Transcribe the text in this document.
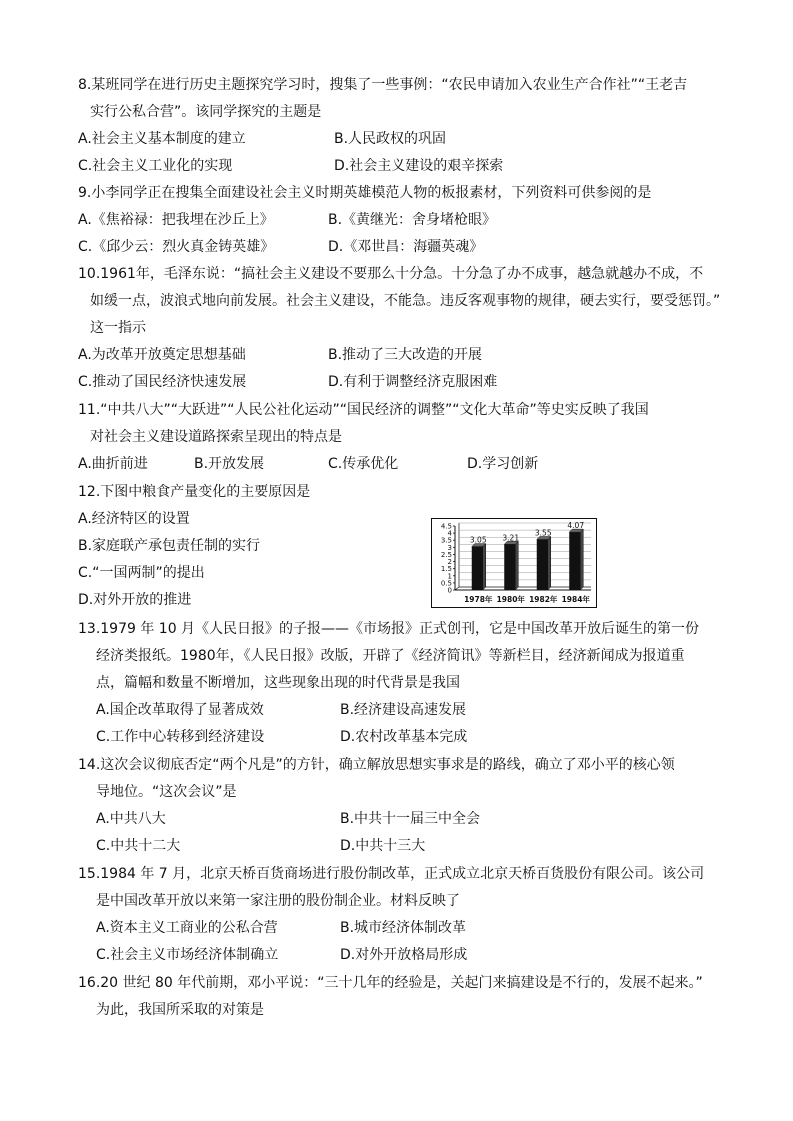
8.某班同学在进行历史主题探究学习时，搜集了一些事例：“农民申请加入农业生产合作社”“王老吉
实行公私合营”。该同学探究的主题是
A.社会主义基本制度的建立	B.人民政权的巩固
C.社会主义工业化的实现	D.社会主义建设的艰辛探索
9.小李同学正在搜集全面建设社会主义时期英雄模范人物的板报素材，下列资料可供参阅的是
A.《焦裕禄：把我埋在沙丘上》	B.《黄继光：舍身堵枪眼》
C.《邱少云：烈火真金铸英雄》	D.《邓世昌：海疆英魂》
10.1961年，毛泽东说：“搞社会主义建设不要那么十分急。十分急了办不成事，越急就越办不成，不
如缓一点，波浪式地向前发展。社会主义建设，不能急。违反客观事物的规律，硬去实行，要受惩罚。”
这一指示
A.为改革开放奠定思想基础	B.推动了三大改造的开展
C.推动了国民经济快速发展	D.有利于调整经济克服困难
11.“中共八大”“大跃进”“人民公社化运动”“国民经济的调整”“文化大革命”等史实反映了我国
对社会主义建设道路探索呈现出的特点是
A.曲折前进	B.开放发展	C.传承优化	D.学习创新
12.下图中粮食产量变化的主要原因是
A.经济特区的设置
B.家庭联产承包责任制的实行
C.“一国两制”的提出
D.对外开放的推进
0
0.5
1
1.5
2
2.5
3
3.5
4
4.5
3.05 3.21
3.55
4.07
1978年 1980年 1982年 1984年
13.1979 年 10 月《人民日报》的子报——《市场报》正式创刊，它是中国改革开放后诞生的第一份
经济类报纸。1980年，《人民日报》改版，开辟了《经济简讯》等新栏目，经济新闻成为报道重
点，篇幅和数量不断增加，这些现象出现的时代背景是我国
A.国企改革取得了显著成效	B.经济建设高速发展
C.工作中心转移到经济建设	D.农村改革基本完成
14.这次会议彻底否定“两个凡是”的方针，确立解放思想实事求是的路线，确立了邓小平的核心领
导地位。“这次会议”是
A.中共八大	B.中共十一届三中全会
C.中共十二大	D.中共十三大
15.1984 年 7 月，北京天桥百货商场进行股份制改革，正式成立北京天桥百货股份有限公司。该公司
是中国改革开放以来第一家注册的股份制企业。材料反映了
A.资本主义工商业的公私合营	B.城市经济体制改革
C.社会主义市场经济体制确立	D.对外开放格局形成
16.20 世纪 80 年代前期，邓小平说：“三十几年的经验是，关起门来搞建设是不行的，发展不起来。”
为此，我国所采取的对策是
